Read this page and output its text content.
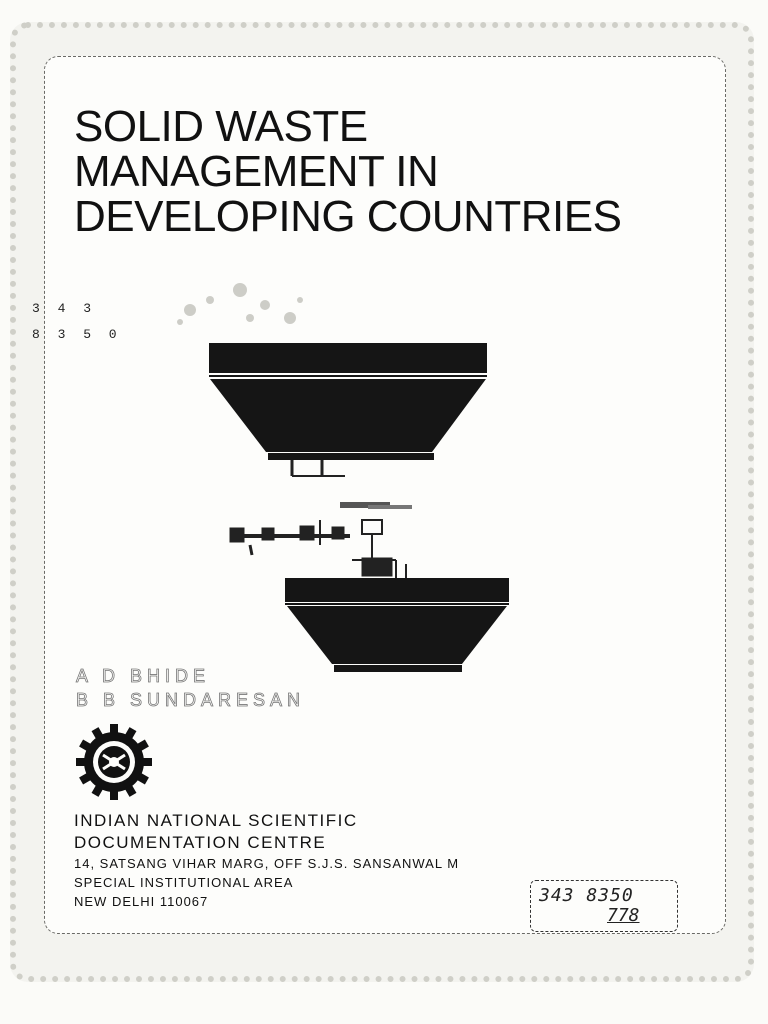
SOLID WASTE
MANAGEMENT IN
DEVELOPING COUNTRIES
3 4 3
8 3 5 0
A D BHIDE
B B SUNDARESAN
INDIAN NATIONAL SCIENTIFIC
DOCUMENTATION CENTRE
14, SATSANG VIHAR MARG, OFF S.J.S. SANSANWAL M
SPECIAL INSTITUTIONAL AREA
NEW DELHI 110067	343 8350
778
